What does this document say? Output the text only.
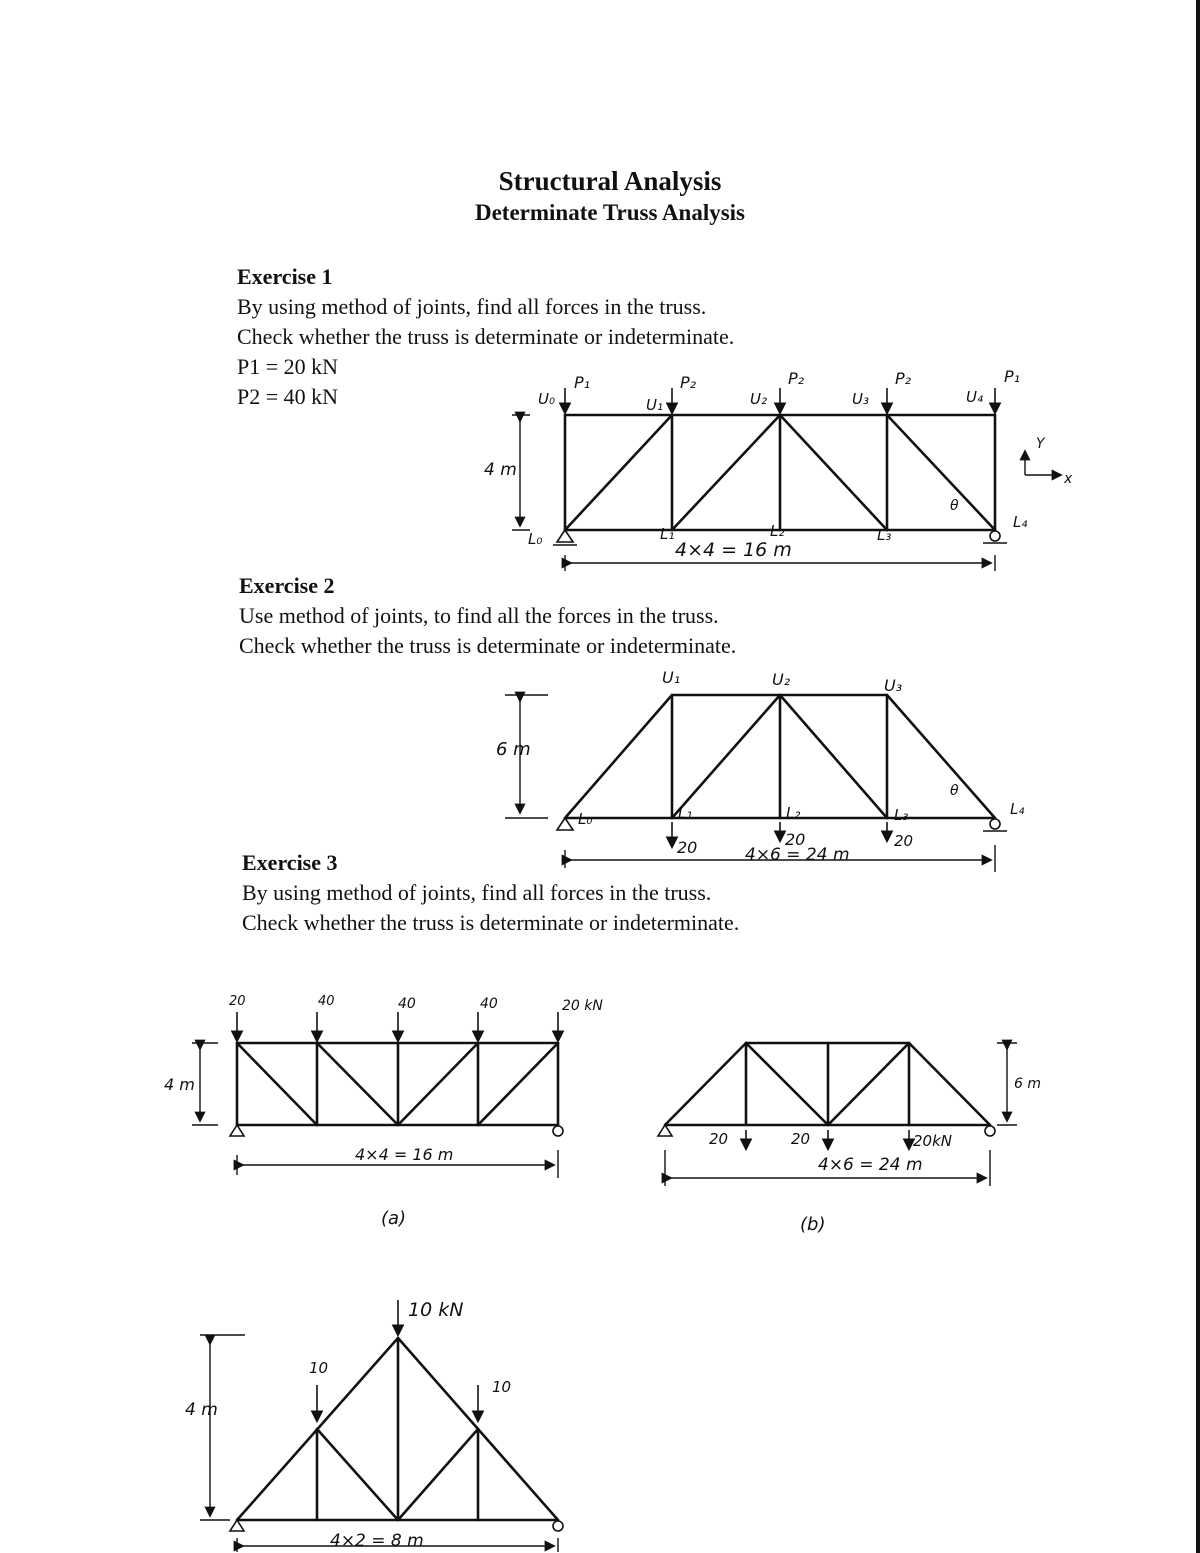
Structural Analysis
Determinate Truss Analysis
Exercise 1
By using method of joints, find all forces in the truss.
Check whether the truss is determinate or indeterminate.
P1 = 20 kN
P2 = 40 kN
Exercise 2
Use method of joints, to find all the forces in the truss.
Check whether the truss is determinate or indeterminate.
Exercise 3
By using method of joints, find all forces in the truss.
Check whether the truss is determinate or indeterminate.
U₀	U₁	U₂	U₃	U₄
L₀	L₁	L₂	L₃
L₄
P₁	P₂	P₂	P₂	P₁
4 m
4×4 = 16 m
θ
Y
x
U₁	U₂	U₃
L₀	L₁	L₂	L₃	L₄
6 m
20	20	20
4×6 = 24 m
θ
20	40	40	40	20 kN
4 m
4×4 = 16 m
(a)
20	20	20kN
6 m
4×6 = 24 m
(b)
10 kN
10
10
4 m
4×2 = 8 m
